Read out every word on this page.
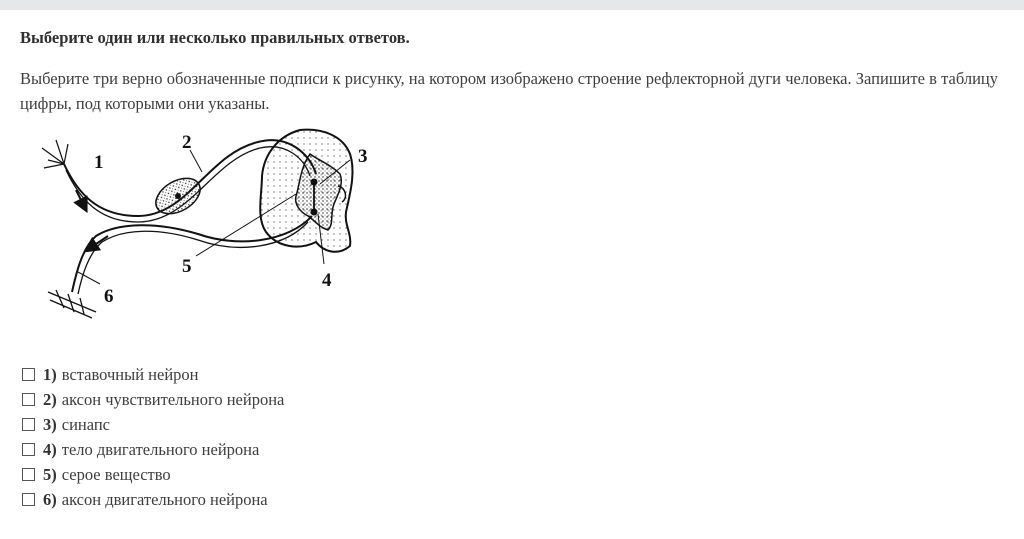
Выберите один или несколько правильных ответов.
Выберите три верно обозначенные подписи к рисунку, на котором изображено строение рефлекторной дуги человека. Запишите в таблицу цифры, под которыми они указаны.
1
2
3
4
5
6
1) вставочный нейрон
2) аксон чувствительного нейрона
3) синапс
4) тело двигательного нейрона
5) серое вещество
6) аксон двигательного нейрона
